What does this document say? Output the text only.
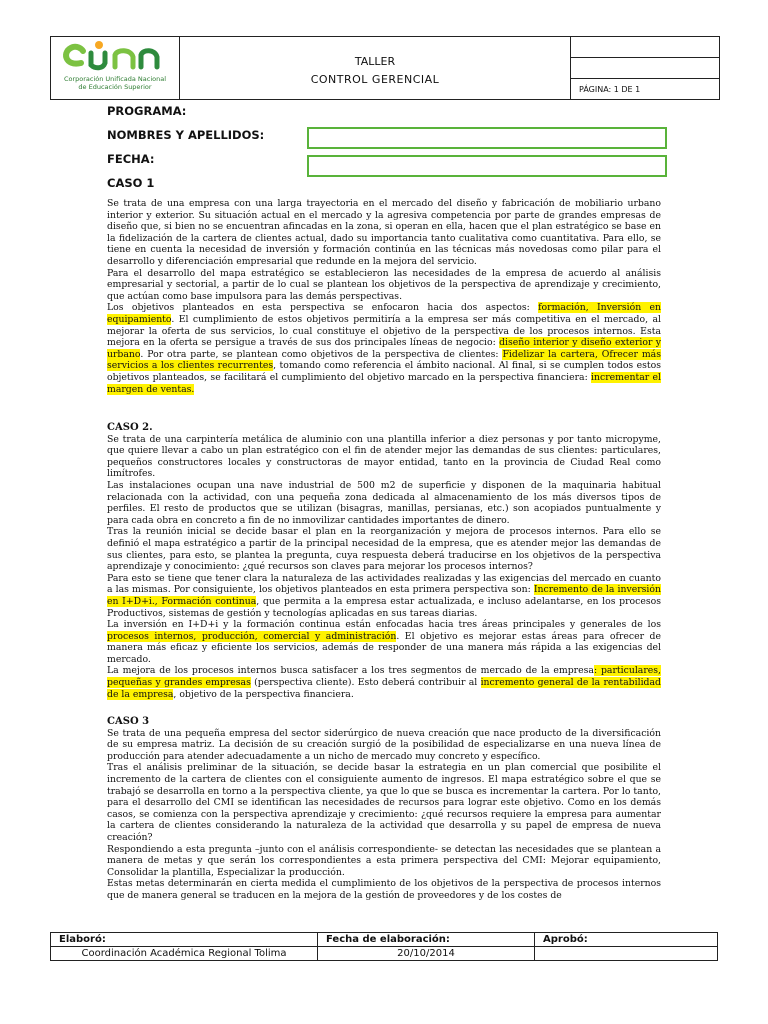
Corporación Unificada Nacional
de Educación Superior
TALLER
CONTROL GERENCIAL
PÁGINA: 1 DE 1
PROGRAMA:
NOMBRES Y APELLIDOS:
FECHA:
CASO 1

Se trata de una empresa con una larga trayectoria en el mercado del diseño y fabricación de mobiliario urbano interior y exterior. Su situación actual en el mercado y la agresiva competencia por parte de grandes empresas de diseño que, si bien no se encuentran afincadas en la zona, si operan en ella, hacen que el plan estratégico se base en la fidelización de la cartera de clientes actual, dado su importancia tanto cualitativa como cuantitativa. Para ello, se tiene en cuenta la necesidad de inversión y formación continúa en las técnicas más novedosas como pilar para el desarrollo y diferenciación empresarial que redunde en la mejora del servicio.

Para el desarrollo del mapa estratégico se establecieron las necesidades de la empresa de acuerdo al análisis empresarial y sectorial, a partir de lo cual se plantean los objetivos de la perspectiva de aprendizaje y crecimiento, que actúan como base impulsora para las demás perspectivas.

Los objetivos planteados en esta perspectiva se enfocaron hacia dos aspectos: formación, Inversión en equipamiento. El cumplimiento de estos objetivos permitiría a la empresa ser más competitiva en el mercado, al mejorar la oferta de sus servicios, lo cual constituye el objetivo de la perspectiva de los procesos internos. Esta mejora en la oferta se persigue a través de sus dos principales líneas de negocio: diseño interior y diseño exterior y urbano. Por otra parte, se plantean como objetivos de la perspectiva de clientes: Fidelizar la cartera, Ofrecer más servicios a los clientes recurrentes, tomando como referencia el ámbito nacional. Al final, si se cumplen todos estos objetivos planteados, se facilitará el cumplimiento del objetivo marcado en la perspectiva financiera: incrementar el margen de ventas.

CASO 2.

Se trata de una carpintería metálica de aluminio con una plantilla inferior a diez personas y por tanto micropyme, que quiere llevar a cabo un plan estratégico con el fin de atender mejor las demandas de sus clientes: particulares, pequeños constructores locales y constructoras de mayor entidad, tanto en la provincia de Ciudad Real como limítrofes.

Las instalaciones ocupan una nave industrial de 500 m2 de superficie y disponen de la maquinaria habitual relacionada con la actividad, con una pequeña zona dedicada al almacenamiento de los más diversos tipos de perfiles. El resto de productos que se utilizan (bisagras, manillas, persianas, etc.) son acopiados puntualmente y para cada obra en concreto a fin de no inmovilizar cantidades importantes de dinero.

Tras la reunión inicial se decide basar el plan en la reorganización y mejora de procesos internos. Para ello se definió el mapa estratégico a partir de la principal necesidad de la empresa, que es atender mejor las demandas de sus clientes, para esto, se plantea la pregunta, cuya respuesta deberá traducirse en los objetivos de la perspectiva aprendizaje y conocimiento: ¿qué recursos son claves para mejorar los procesos internos?

Para esto se tiene que tener clara la naturaleza de las actividades realizadas y las exigencias del mercado en cuanto a las mismas. Por consiguiente, los objetivos planteados en esta primera perspectiva son: Incremento de la inversión en I+D+i., Formación continua, que permita a la empresa estar actualizada, e incluso adelantarse, en los procesos Productivos, sistemas de gestión y tecnologías aplicadas en sus tareas diarias.

La inversión en I+D+i y la formación continua están enfocadas hacia tres áreas principales y generales de los procesos internos, producción, comercial y administración. El objetivo es mejorar estas áreas para ofrecer de manera más eficaz y eficiente los servicios, además de responder de una manera más rápida a las exigencias del mercado.

La mejora de los procesos internos busca satisfacer a los tres segmentos de mercado de la empresa: particulares, pequeñas y grandes empresas (perspectiva cliente). Esto deberá contribuir al incremento general de la rentabilidad de la empresa, objetivo de la perspectiva financiera.

CASO 3

Se trata de una pequeña empresa del sector siderúrgico de nueva creación que nace producto de la diversificación de su empresa matriz. La decisión de su creación surgió de la posibilidad de especializarse en una nueva línea de producción para atender adecuadamente a un nicho de mercado muy concreto y específico.

Tras el análisis preliminar de la situación, se decide basar la estrategia en un plan comercial que posibilite el incremento de la cartera de clientes con el consiguiente aumento de ingresos. El mapa estratégico sobre el que se trabajó se desarrolla en torno a la perspectiva cliente, ya que lo que se busca es incrementar la cartera. Por lo tanto, para el desarrollo del CMI se identifican las necesidades de recursos para lograr este objetivo. Como en los demás casos, se comienza con la perspectiva aprendizaje y crecimiento: ¿qué recursos requiere la empresa para aumentar la cartera de clientes considerando la naturaleza de la actividad que desarrolla y su papel de empresa de nueva creación?

Respondiendo a esta pregunta –junto con el análisis correspondiente- se detectan las necesidades que se plantean a manera de metas y que serán los correspondientes a esta primera perspectiva del CMI: Mejorar equipamiento, Consolidar la plantilla, Especializar la producción.

Estas metas determinarán en cierta medida el cumplimiento de los objetivos de la perspectiva de procesos internos que de manera general se traducen en la mejora de la gestión de proveedores y de los costes de

Elaboró:	Fecha de elaboración:	Aprobó:
Coordinación Académica Regional Tolima	20/10/2014	
